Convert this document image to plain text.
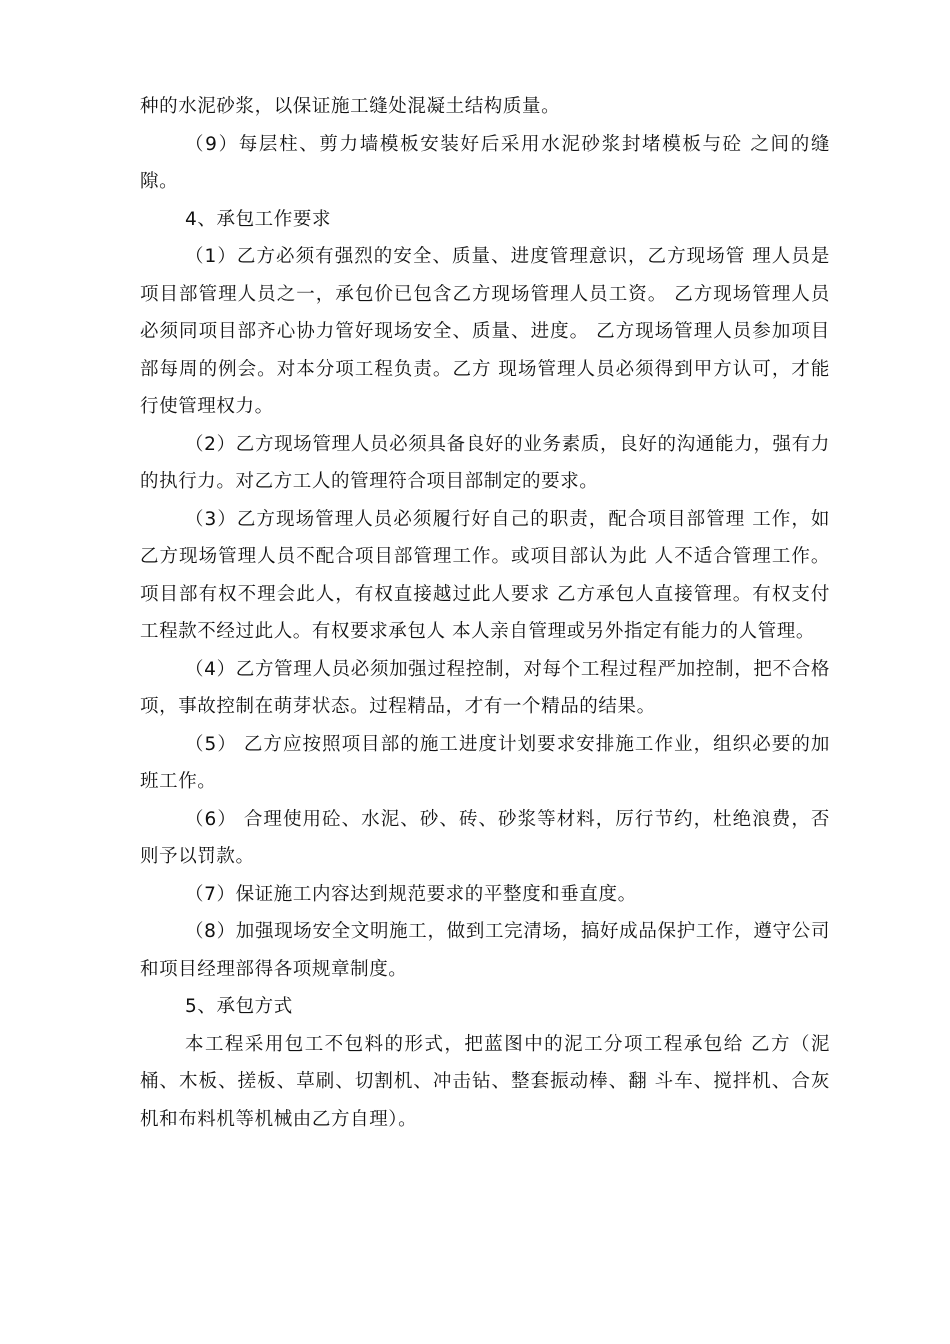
种的水泥砂浆，以保证施工缝处混凝土结构质量。

（9）每层柱、剪力墙模板安装好后采用水泥砂浆封堵模板与砼 之间的缝隙。

4、承包工作要求

（1）乙方必须有强烈的安全、质量、进度管理意识，乙方现场管 理人员是项目部管理人员之一，承包价已包含乙方现场管理人员工资。 乙方现场管理人员必须同项目部齐心协力管好现场安全、质量、进度。 乙方现场管理人员参加项目部每周的例会。对本分项工程负责。乙方 现场管理人员必须得到甲方认可，才能行使管理权力。

（2）乙方现场管理人员必须具备良好的业务素质，良好的沟通能力，强有力的执行力。对乙方工人的管理符合项目部制定的要求。

（3）乙方现场管理人员必须履行好自己的职责，配合项目部管理 工作，如乙方现场管理人员不配合项目部管理工作。或项目部认为此 人不适合管理工作。项目部有权不理会此人，有权直接越过此人要求 乙方承包人直接管理。有权支付工程款不经过此人。有权要求承包人 本人亲自管理或另外指定有能力的人管理。

（4）乙方管理人员必须加强过程控制，对每个工程过程严加控制，把不合格项，事故控制在萌芽状态。过程精品，才有一个精品的结果。

（5） 乙方应按照项目部的施工进度计划要求安排施工作业，组织必要的加班工作。

（6） 合理使用砼、水泥、砂、砖、砂浆等材料，厉行节约，杜绝浪费，否则予以罚款。

（7）保证施工内容达到规范要求的平整度和垂直度。

（8）加强现场安全文明施工，做到工完清场，搞好成品保护工作，遵守公司和项目经理部得各项规章制度。

5、承包方式

本工程采用包工不包料的形式，把蓝图中的泥工分项工程承包给 乙方（泥桶、木板、搓板、草刷、切割机、冲击钻、整套振动棒、翻 斗车、搅拌机、合灰机和布料机等机械由乙方自理）。
